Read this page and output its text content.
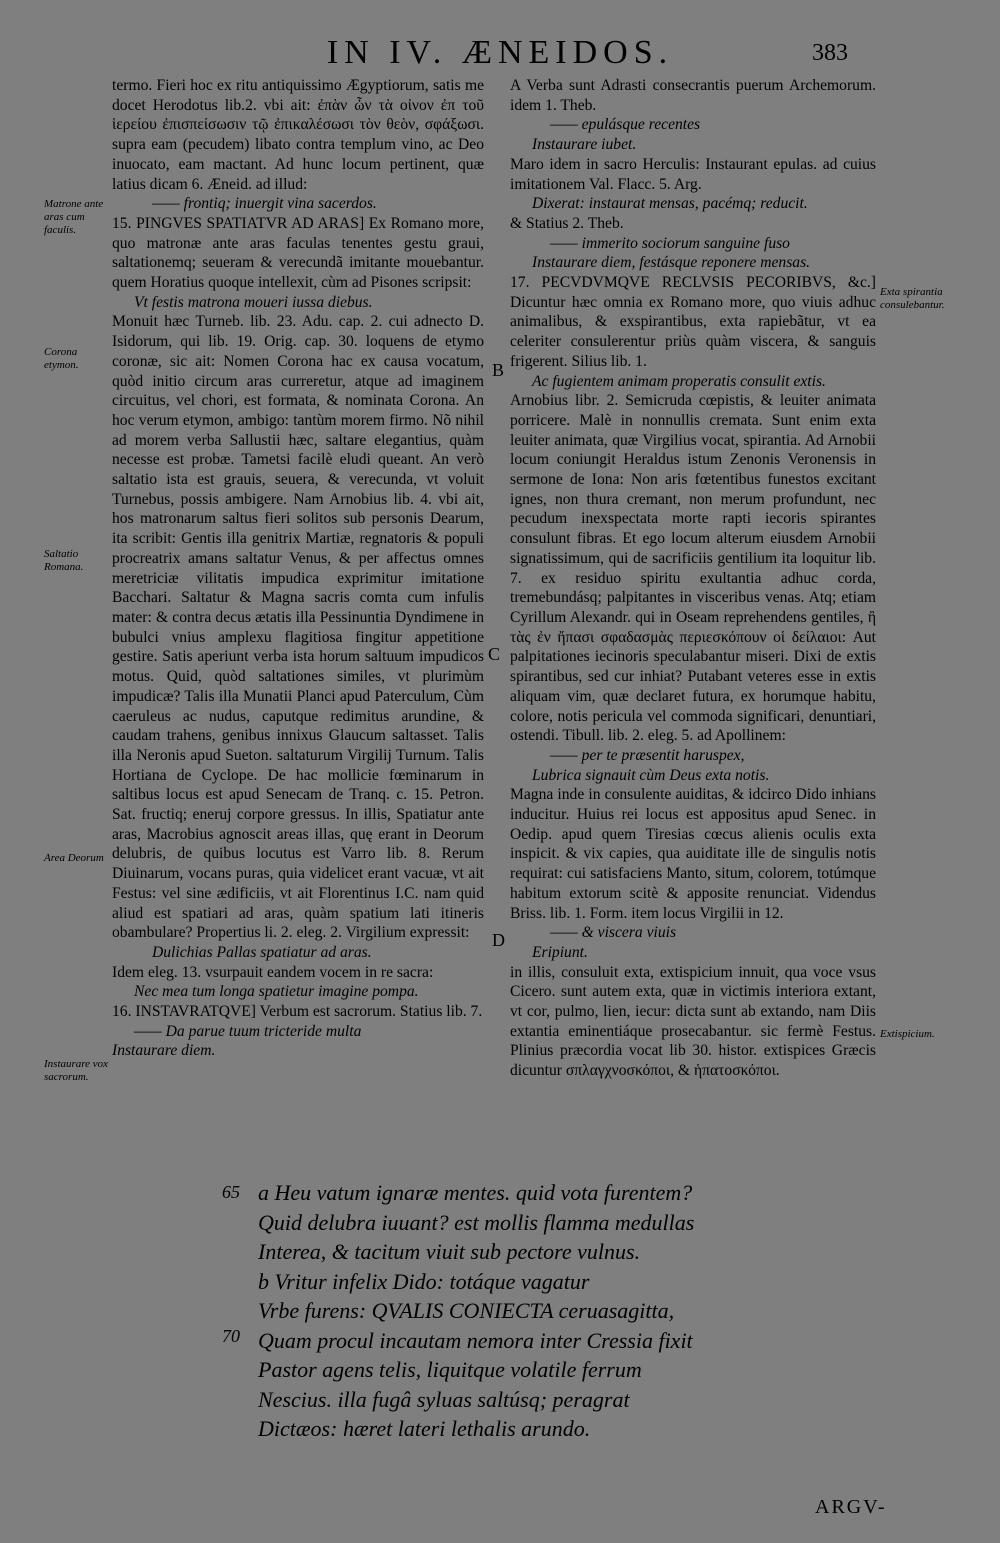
IN IV. ÆNEIDOS.	383

termo. Fieri hoc ex ritu antiquissimo Ægyptiorum, satis me docet Herodotus lib.2. vbi ait: ἐπὰν ὦν τὰ οἰνον ἐπ τοῦ ἱερείου ἐπισπείσωσιν τῷ ἐπικαλέσωσι τὸν θεὸν, σφάξωσι. supra eam (pecudem) libato contra templum vino, ac Deo inuocato, eam mactant. Ad hunc locum pertinent, quæ latius dicam 6. Æneid. ad illud:

—— frontiq; inuergit vina sacerdos.

15. PINGVES SPATIATVR AD ARAS] Ex Romano more, quo matronæ ante aras faculas tenentes gestu graui, saltationemq; seueram & verecundã imitante mouebantur. quem Horatius quoque intellexit, cùm ad Pisones scripsit:

Vt festis matrona moueri iussa diebus.

Monuit hæc Turneb. lib. 23. Adu. cap. 2. cui adnecto D. Isidorum, qui lib. 19. Orig. cap. 30. loquens de etymo coronæ, sic ait: Nomen Corona hac ex causa vocatum, quòd initio circum aras curreretur, atque ad imaginem circuitus, vel chori, est formata, & nominata Corona. An hoc verum etymon, ambigo: tantùm morem firmo. Nõ nihil ad morem verba Sallustii hæc, saltare elegantius, quàm necesse est probæ. Tametsi facilè eludi queant. An verò saltatio ista est grauis, seuera, & verecunda, vt voluit Turnebus, possis ambigere. Nam Arnobius lib. 4. vbi ait, hos matronarum saltus fieri solitos sub personis Dearum, ita scribit: Gentis illa genitrix Martiæ, regnatoris & populi procreatrix amans saltatur Venus, & per affectus omnes meretriciæ vilitatis impudica exprimitur imitatione Bacchari. Saltatur & Magna sacris comta cum infulis mater: & contra decus ætatis illa Pessinuntia Dyndimene in bubulci vnius amplexu flagitiosa fingitur appetitione gestire. Satis aperiunt verba ista horum saltuum impudicos motus. Quid, quòd saltationes similes, vt plurimùm impudicæ? Talis illa Munatii Planci apud Paterculum, Cùm caeruleus ac nudus, caputque redimitus arundine, & caudam trahens, genibus innixus Glaucum saltasset. Talis illa Neronis apud Sueton. saltaturum Virgilij Turnum. Talis Hortiana de Cyclope. De hac mollicie fœminarum in saltibus locus est apud Senecam de Tranq. c. 15. Petron. Sat. fructiq; eneruj corpore gressus. In illis, Spatiatur ante aras, Macrobius agnoscit areas illas, quę erant in Deorum delubris, de quibus locutus est Varro lib. 8. Rerum Diuinarum, vocans puras, quia videlicet erant vacuæ, vt ait Festus: vel sine ædificiis, vt ait Florentinus I.C. nam quid aliud est spatiari ad aras, quàm spatium lati itineris obambulare? Propertius li. 2. eleg. 2. Virgilium expressit:

Dulichias Pallas spatiatur ad aras.

Idem eleg. 13. vsurpauit eandem vocem in re sacra:

Nec mea tum longa spatietur imagine pompa.

16. INSTAVRATQVE] Verbum est sacrorum. Statius lib. 7.

—— Da parue tuum tricteride multa

Instaurare diem.

A Verba sunt Adrasti consecrantis puerum Archemorum. idem 1. Theb.

—— epulásque recentes

Instaurare iubet.

Maro idem in sacro Herculis: Instaurant epulas. ad cuius imitationem Val. Flacc. 5. Arg.

Dixerat: instaurat mensas, pacémq; reducit.

& Statius 2. Theb.

—— immerito sociorum sanguine fuso

Instaurare diem, festásque reponere mensas.

17. PECVDVMQVE RECLVSIS PECORIBVS, &c.] Dicuntur hæc omnia ex Romano more, quo viuis adhuc animalibus, & exspirantibus, exta rapiebãtur, vt ea celeriter consulerentur priùs quàm viscera, & sanguis frigerent. Silius lib. 1.

Ac fugientem animam properatis consulit extis.

Arnobius libr. 2. Semicruda cœpistis, & leuiter animata porricere. Malè in nonnullis cremata. Sunt enim exta leuiter animata, quæ Virgilius vocat, spirantia. Ad Arnobii locum coniungit Heraldus istum Zenonis Veronensis in sermone de Iona: Non aris fœtentibus funestos excitant ignes, non thura cremant, non merum profundunt, nec pecudum inexspectata morte rapti iecoris spirantes consulunt fibras. Et ego locum alterum eiusdem Arnobii signatissimum, qui de sacrificiis gentilium ita loquitur lib. 7. ex residuo spiritu exultantia adhuc corda, tremebundásq; palpitantes in visceribus venas. Atq; etiam Cyrillum Alexandr. qui in Oseam reprehendens gentiles, ἢ τὰς ἐν ἤπασι σφαδασμὰς περιεσκόπουν οἱ δείλαιοι: Aut palpitationes iecinoris speculabantur miseri. Dixi de extis spirantibus, sed cur inhiat? Putabant veteres esse in extis aliquam vim, quæ declaret futura, ex horumque habitu, colore, notis pericula vel commoda significari, denuntiari, ostendi. Tibull. lib. 2. eleg. 5. ad Apollinem:

—— per te præsentit haruspex,

Lubrica signauit cùm Deus exta notis.

Magna inde in consulente auiditas, & idcirco Dido inhians inducitur. Huius rei locus est appositus apud Senec. in Oedip. apud quem Tiresias cœcus alienis oculis exta inspicit. & vix capies, qua auiditate ille de singulis notis requirat: cui satisfaciens Manto, situm, colorem, totúmque habitum extorum scitè & apposite renunciat. Videndus Briss. lib. 1. Form. item locus Virgilii in 12.

—— & viscera viuis

Eripiunt.

in illis, consuluit exta, extispicium innuit, qua voce vsus Cicero. sunt autem exta, quæ in victimis interiora extant, vt cor, pulmo, lien, iecur: dicta sunt ab extando, nam Diis extantia eminentiáque prosecabantur. sic fermè Festus. Plinius præcordia vocat lib 30. histor. extispices Græcis dicuntur σπλαγχνοσκόποι, & ἡπατοσκόποι.

Matrone ante aras cum faculis.
Corona etymon.
Saltatio Romana.
Area Deorum
Instaurare vox sacrorum.
Exta spirantia consulebantur.
Extispicium.
B
C
D
65
70

a Heu vatum ignaræ mentes. quid vota furentem?

Quid delubra iuuant? est mollis flamma medullas

Interea, & tacitum viuit sub pectore vulnus.

b Vritur infelix Dido: totáque vagatur

Vrbe furens: QVALIS CONIECTA ceruasagitta,

Quam procul incautam nemora inter Cressia fixit

Pastor agens telis, liquitque volatile ferrum

Nescius. illa fugâ syluas saltúsq; peragrat

Dictæos: hæret lateri lethalis arundo.

ARGV-
